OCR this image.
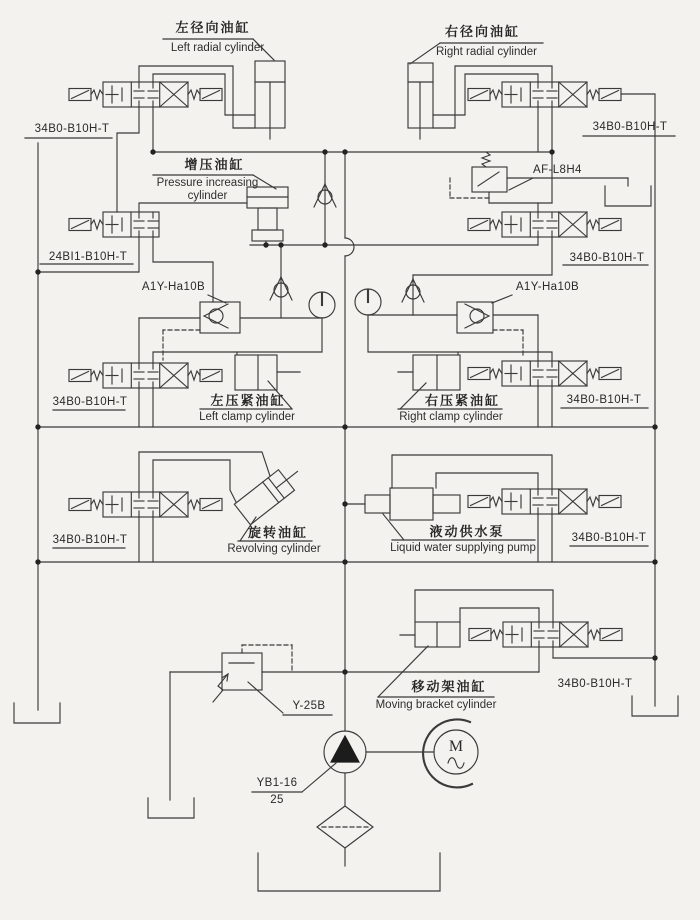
M
左径向油缸
Left radial cylinder
右径向油缸
Right radial cylinder
34B0-B10H-T	34B0-B10H-T
增压油缸
Pressure increasing
cylinder
AF-L8H4
24BI1-B10H-T	34B0-B10H-T
A1Y-Ha10B	A1Y-Ha10B
34B0-B10H-T	左压紧油缸
Left clamp cylinder
右压紧油缸
Right clamp cylinder
34B0-B10H-T
34B0-B10H-T	旋转油缸
Revolving cylinder
液动供水泵
Liquid water supplying pump
34B0-B10H-T
移动架油缸
Moving bracket cylinder
34B0-B10H-T
Y-25B
YB1-16
25
